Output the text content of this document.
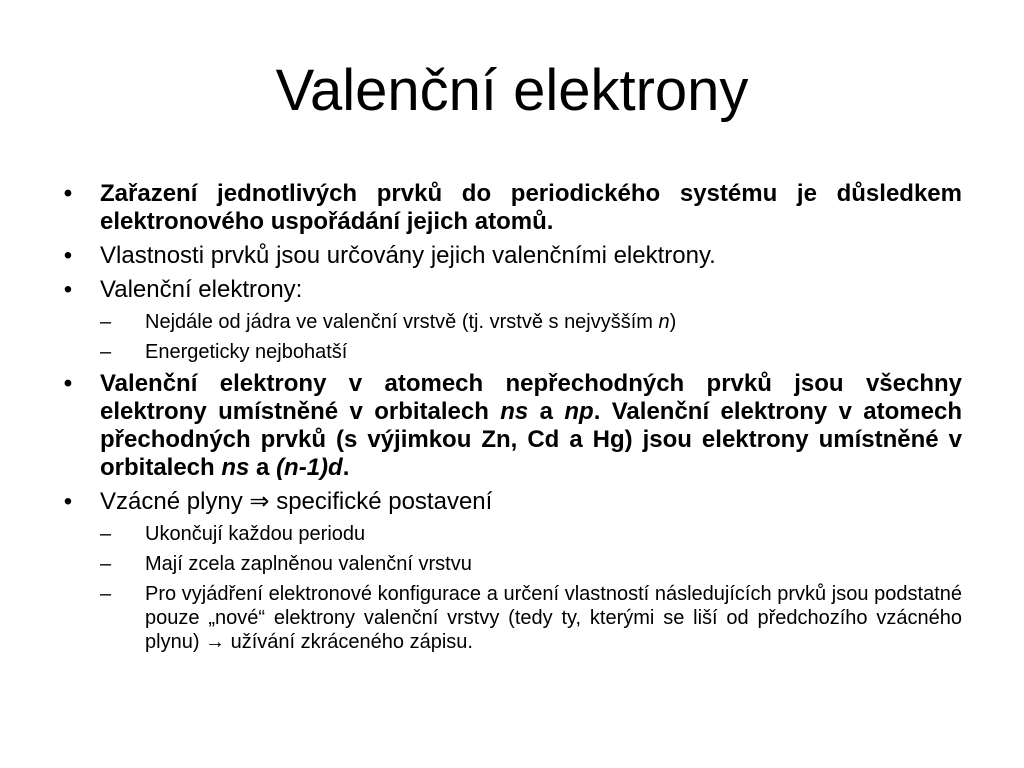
Valenční elektrony
• Zařazení jednotlivých prvků do periodického systému je důsledkem elektronového uspořádání jejich atomů.
• Vlastnosti prvků jsou určovány jejich valenčními elektrony.
• Valenční elektrony:
–	Nejdále od jádra ve valenční vrstvě (tj. vrstvě s nejvyšším n)
–	Energeticky nejbohatší
• Valenční elektrony v atomech nepřechodných prvků jsou všechny elektrony umístněné v orbitalech ns a np. Valenční elektrony v atomech přechodných prvků (s výjimkou Zn, Cd a Hg) jsou elektrony umístněné v orbitalech ns a (n-1)d.
• Vzácné plyny ⇒ specifické postavení
–	Ukončují každou periodu
–	Mají zcela zaplněnou valenční vrstvu
–	Pro vyjádření elektronové konfigurace a určení vlastností následujících prvků jsou podstatné pouze „nové“ elektrony valenční vrstvy (tedy ty, kterými se liší od předchozího vzácného plynu) → užívání zkráceného zápisu.
